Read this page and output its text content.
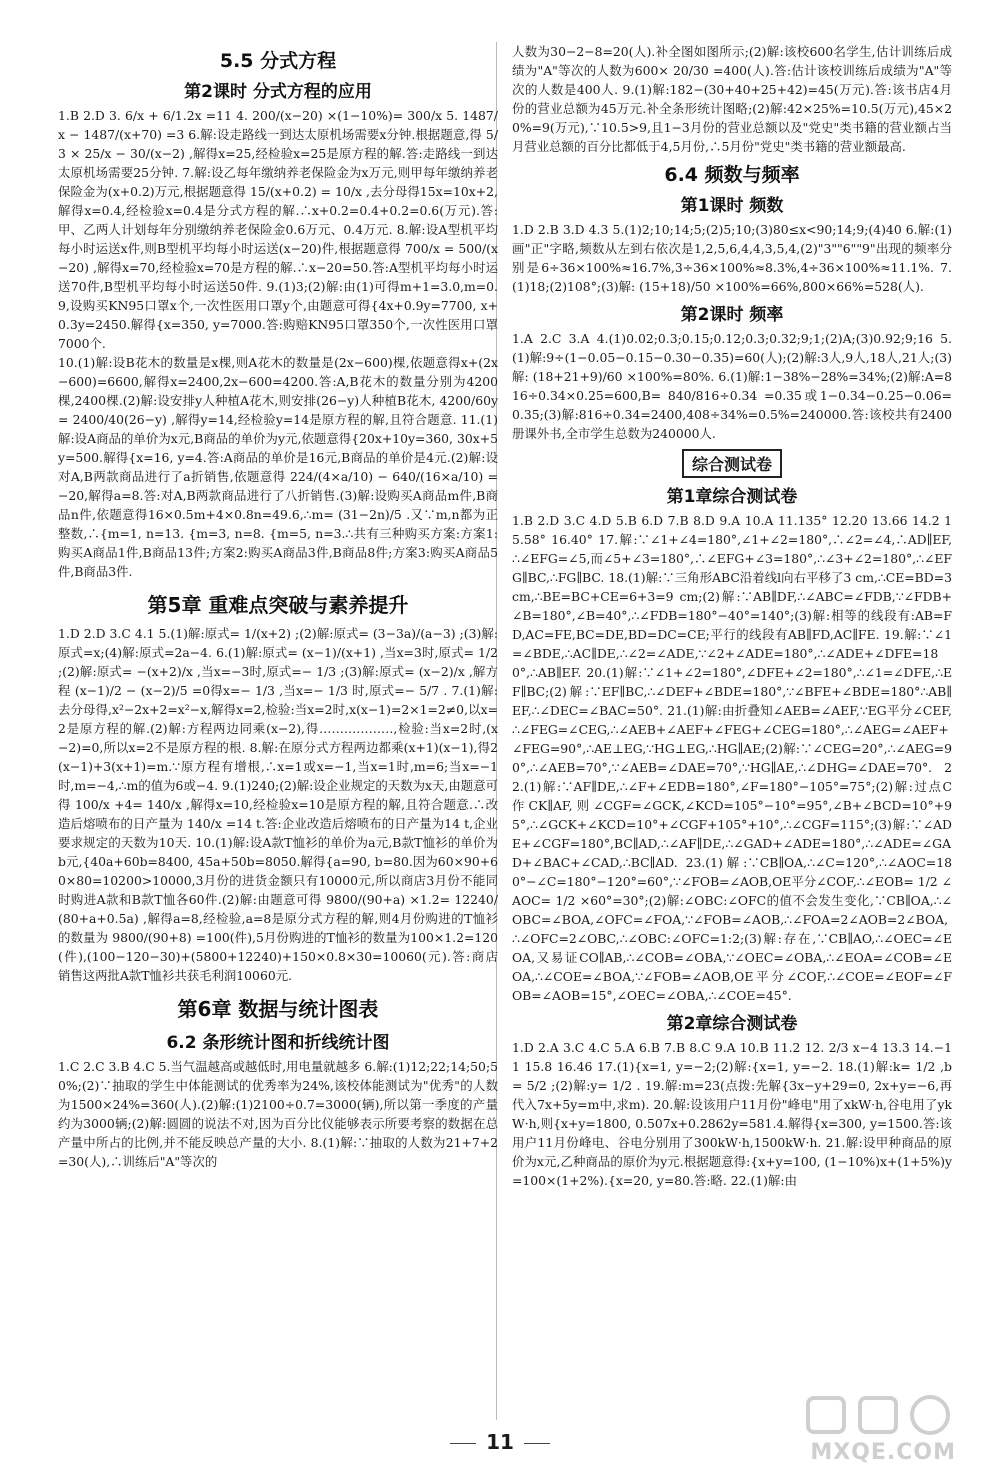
5.5 分式方程
第2课时 分式方程的应用

1.B 2.D 3. 6/x + 6/1.2x =11 4. 200/(x−20) ×(1−10%)= 300/x 5. 1487/x − 1487/(x+70) =3 6.解:设走路线一到达太原机场需要x分钟.根据题意,得 5/3 × 25/x − 30/(x−2) ,解得x=25,经检验x=25是原方程的解.答:走路线一到达太原机场需要25分钟. 7.解:设乙每年缴纳养老保险金为x万元,则甲每年缴纳养老保险金为(x+0.2)万元,根据题意得 15/(x+0.2) = 10/x ,去分母得15x=10x+2,解得x=0.4,经检验x=0.4是分式方程的解.∴x+0.2=0.4+0.2=0.6(万元).答:甲、乙两人计划每年分别缴纳养老保险金0.6万元、0.4万元. 8.解:设A型机平均每小时运送x件,则B型机平均每小时运送(x−20)件,根据题意得 700/x = 500/(x−20) ,解得x=70,经检验x=70是方程的解.∴x−20=50.答:A型机平均每小时运送70件,B型机平均每小时运送50件. 9.(1)3;(2)解:由(1)可得m+1=3.0,m=0.9,设购买KN95口罩x个,一次性医用口罩y个,由题意可得{4x+0.9y=7700, x+0.3y=2450.解得{x=350, y=7000.答:购赔KN95口罩350个,一次性医用口罩7000个.

10.(1)解:设B花木的数量是x棵,则A花木的数量是(2x−600)棵,依题意得x+(2x−600)=6600,解得x=2400,2x−600=4200.答:A,B花木的数量分别为4200棵,2400棵.(2)解:设安排y人种植A花木,则安排(26−y)人种植B花木, 4200/60y = 2400/40(26−y) ,解得y=14,经检验y=14是原方程的解,且符合题意. 11.(1)解:设A商品的单价为x元,B商品的单价为y元,依题意得{20x+10y=360, 30x+5y=500.解得{x=16, y=4.答:A商品的单价是16元,B商品的单价是4元.(2)解:设对A,B两款商品进行了a折销售,依题意得 224/(4×a/10) − 640/(16×a/10) =−20,解得a=8.答:对A,B两款商品进行了八折销售.(3)解:设购买A商品m件,B商品n件,依题意得16×0.5m+4×0.8n=49.6,∴m= (31−2n)/5 .又∵m,n都为正整数,∴{m=1, n=13. {m=3, n=8. {m=5, n=3.∴共有三种购买方案:方案1:购买A商品1件,B商品13件;方案2:购买A商品3件,B商品8件;方案3:购买A商品5件,B商品3件.

第5章 重难点突破与素养提升

1.D 2.D 3.C 4.1 5.(1)解:原式= 1/(x+2) ;(2)解:原式= (3−3a)/(a−3) ;(3)解:原式=x;(4)解:原式=2a−4. 6.(1)解:原式= (x−1)/(x+1) ,当x=3时,原式= 1/2 ;(2)解:原式= −(x+2)/x ,当x=−3时,原式=− 1/3 ;(3)解:原式= (x−2)/x ,解方程 (x−1)/2 − (x−2)/5 =0得x=− 1/3 ,当x=− 1/3 时,原式=− 5/7 . 7.(1)解:去分母得,x²−2x+2=x²−x,解得x=2,检验:当x=2时,x(x−1)=2×1=2≠0,以x=2是原方程的解.(2)解:方程两边同乘(x−2),得………………,检验:当x=2时,(x−2)=0,所以x=2不是原方程的根. 8.解:在原分式方程两边都乘(x+1)(x−1),得2(x−1)+3(x+1)=m.∵原方程有增根,∴x=1或x=−1,当x=1时,m=6;当x=−1时,m=−4,∴m的值为6或−4. 9.(1)240;(2)解:设企业规定的天数为x天,由题意可得 100/x +4= 140/x ,解得x=10,经检验x=10是原方程的解,且符合题意.∴改造后熔喷布的日产量为 140/x =14 t.答:企业改造后熔喷布的日产量为14 t,企业要求规定的天数为10天. 10.(1)解:设A款T恤衫的单价为a元,B款T恤衫的单价为b元,{40a+60b=8400, 45a+50b=8050.解得{a=90, b=80.因为60×90+60×80=10200>10000,3月份的进货金额只有10000元,所以商店3月份不能同时购进A款和B款T恤各60件.(2)解:由题意可得 9800/(90+a) ×1.2= 12240/(80+a+0.5a) ,解得a=8,经检验,a=8是原分式方程的解,则4月份购进的T恤衫的数量为 9800/(90+8) =100(件),5月份购进的T恤衫的数量为100×1.2=120(件),(100−120−30)+(5800+12240)+150×0.8×30=10060(元).答:商店销售这两批A款T恤衫共获毛利润10060元.

第6章 数据与统计图表
6.2 条形统计图和折线统计图

1.C 2.C 3.B 4.C 5.当气温越高或越低时,用电量就越多 6.解:(1)12;22;14;50;50%;(2)∵抽取的学生中体能测试的优秀率为24%,该校体能测试为"优秀"的人数为1500×24%=360(人).(2)解:(1)2100÷0.7=3000(辆),所以第一季度的产量约为3000辆;(2)解:圆圆的说法不对,因为百分比仪能够表示所要考察的数据在总产量中所占的比例,并不能反映总产量的大小. 8.(1)解:∵抽取的人数为21+7+2=30(人),∴训练后"A"等次的

人数为30−2−8=20(人).补全图如图所示;(2)解:该校600名学生,估计训练后成绩为"A"等次的人数为600× 20/30 =400(人).答:估计该校训练后成绩为"A"等次的人数是400人. 9.(1)解:182−(30+40+25+42)=45(万元).答:该书店4月份的营业总额为45万元.补全条形统计图略;(2)解:42×25%=10.5(万元),45×20%=9(万元),∵10.5>9,且1−3月份的营业总额以及"党史"类书籍的营业额占当月营业总额的百分比都低于4,5月份,∴5月份"党史"类书籍的营业额最高.

6.4 频数与频率
第1课时 频数

1.D 2.B 3.D 4.3 5.(1)2;10;14;5;(2)5;10;(3)80≤x<90;14;9;(4)40 6.解:(1)画"正"字略,频数从左到右依次是1,2,5,6,4,4,3,5,4,(2)"3""6""9"出现的频率分别是6÷36×100%≈16.7%,3÷36×100%≈8.3%,4÷36×100%≈11.1%. 7.(1)18;(2)108°;(3)解: (15+18)/50 ×100%=66%,800×66%=528(人).

第2课时 频率

1.A 2.C 3.A 4.(1)0.02;0.3;0.15;0.12;0.3;0.32;9;1;(2)A;(3)0.92;9;16 5.(1)解:9÷(1−0.05−0.15−0.30−0.35)=60(人);(2)解:3人,9人,18人,21人;(3)解: (18+21+9)/60 ×100%=80%. 6.(1)解:1−38%−28%=34%;(2)解:A=816÷0.34×0.25=600,B= 840/816÷0.34 =0.35或1−0.34−0.25−0.06=0.35;(3)解:816÷0.34=2400,408÷34%=0.5%=240000.答:该校共有2400册课外书,全市学生总数为240000人.

综合测试卷
第1章综合测试卷

1.B 2.D 3.C 4.D 5.B 6.D 7.B 8.D 9.A 10.A 11.135° 12.20 13.66 14.2 15.58° 16.40° 17.解:∵∠1+∠4=180°,∠1+∠2=180°,∴∠2=∠4,∴AD∥EF,∴∠EFG=∠5,而∠5+∠3=180°,∴∠EFG+∠3=180°,∴∠3+∠2=180°,∴∠EFG∥BC,∴FG∥BC. 18.(1)解:∵三角形ABC沿着线l向右平移了3 cm,∴CE=BD=3 cm,∴BE=BC+CE=6+3=9 cm;(2)解:∵AB∥DF,∴∠ABC=∠FDB,∵∠FDB+∠B=180°,∠B=40°,∴∠FDB=180°−40°=140°;(3)解:相等的线段有:AB=FD,AC=FE,BC=DE,BD=DC=CE;平行的线段有AB∥FD,AC∥FE. 19.解:∵∠1=∠BDE,∴AC∥DE,∴∠2=∠ADE,∵∠2+∠ADE=180°,∴∠ADE+∠DFE=180°,∴AB∥EF. 20.(1)解:∵∠1+∠2=180°,∠DFE+∠2=180°,∴∠1=∠DFE,∴EF∥BC;(2)解:∵EF∥BC,∴∠DEF+∠BDE=180°,∵∠BFE+∠BDE=180°∴AB∥EF,∴∠DEC=∠BAC=50°. 21.(1)解:由折叠知∠AEB=∠AEF,∵EG平分∠CEF,∴∠FEG=∠CEG,∴∠AEB+∠AEF+∠FEG+∠CEG=180°,∴∠AEG=∠AEF+∠FEG=90°,∴AE⊥EG,∵HG⊥EG,∴HG∥AE;(2)解:∵∠CEG=20°,∴∠AEG=90°,∴∠AEB=70°,∵∠AEB=∠DAE=70°,∵HG∥AE,∴∠DHG=∠DAE=70°. 22.(1)解:∵AF∥DE,∴∠F+∠EDB=180°,∠F=180°−105°=75°;(2)解:过点C作CK∥AF,则∠CGF=∠GCK,∠KCD=105°−10°=95°,∠B+∠BCD=10°+95°,∴∠GCK+∠KCD=10°+∠CGF+105°+10°,∴∠CGF=115°;(3)解:∵∠ADE+∠CGF=180°,BC∥AD,∴∠AF∥DE,∴∠GAD+∠ADE=180°,∴∠ADE=∠GAD+∠BAC+∠CAD,∴BC∥AD. 23.(1)解:∵CB∥OA,∴∠C=120°,∴∠AOC=180°−∠C=180°−120°=60°,∵∠FOB=∠AOB,OE平分∠COF,∴∠EOB= 1/2 ∠AOC= 1/2 ×60°=30°;(2)解:∠OBC:∠OFC的值不会发生变化,∵CB∥OA,∴∠OBC=∠BOA,∠OFC=∠FOA,∵∠FOB=∠AOB,∴∠FOA=2∠AOB=2∠BOA,∴∠OFC=2∠OBC,∴∠OBC:∠OFC=1:2;(3)解:存在,∵CB∥AO,∴∠OEC=∠EOA,又易证CO∥AB,∴∠COB=∠OBA,∵∠OEC=∠OBA,∴∠EOA=∠COB=∠EOA,∴∠COE=∠BOA,∵∠FOB=∠AOB,OE平分∠COF,∴∠COE=∠EOF=∠FOB=∠AOB=15°,∠OEC=∠OBA,∴∠COE=45°.

第2章综合测试卷

1.D 2.A 3.C 4.C 5.A 6.B 7.B 8.C 9.A 10.B 11.2 12. 2/3 x−4 13.3 14.−11 15.8 16.46 17.(1){x=1, y=−2;(2)解:{x=1, y=−2. 18.(1)解:k= 1/2 ,b= 5/2 ;(2)解:y= 1/2 . 19.解:m=23(点拨:先解{3x−y+29=0, 2x+y=−6,再代入7x+5y=m中,求m). 20.解:设该用户11月份"峰电"用了xkW·h,谷电用了ykW·h,则{x+y=1800, 0.507x+0.2862y=581.4.解得{x=300, y=1500.答:该用户11月份峰电、谷电分别用了300kW·h,1500kW·h. 21.解:设甲种商品的原价为x元,乙种商品的原价为y元.根据题意得:{x+y=100, (1−10%)x+(1+5%)y=100×(1+2%).{x=20, y=80.答:略. 22.(1)解:由

11	MXQE.COM
